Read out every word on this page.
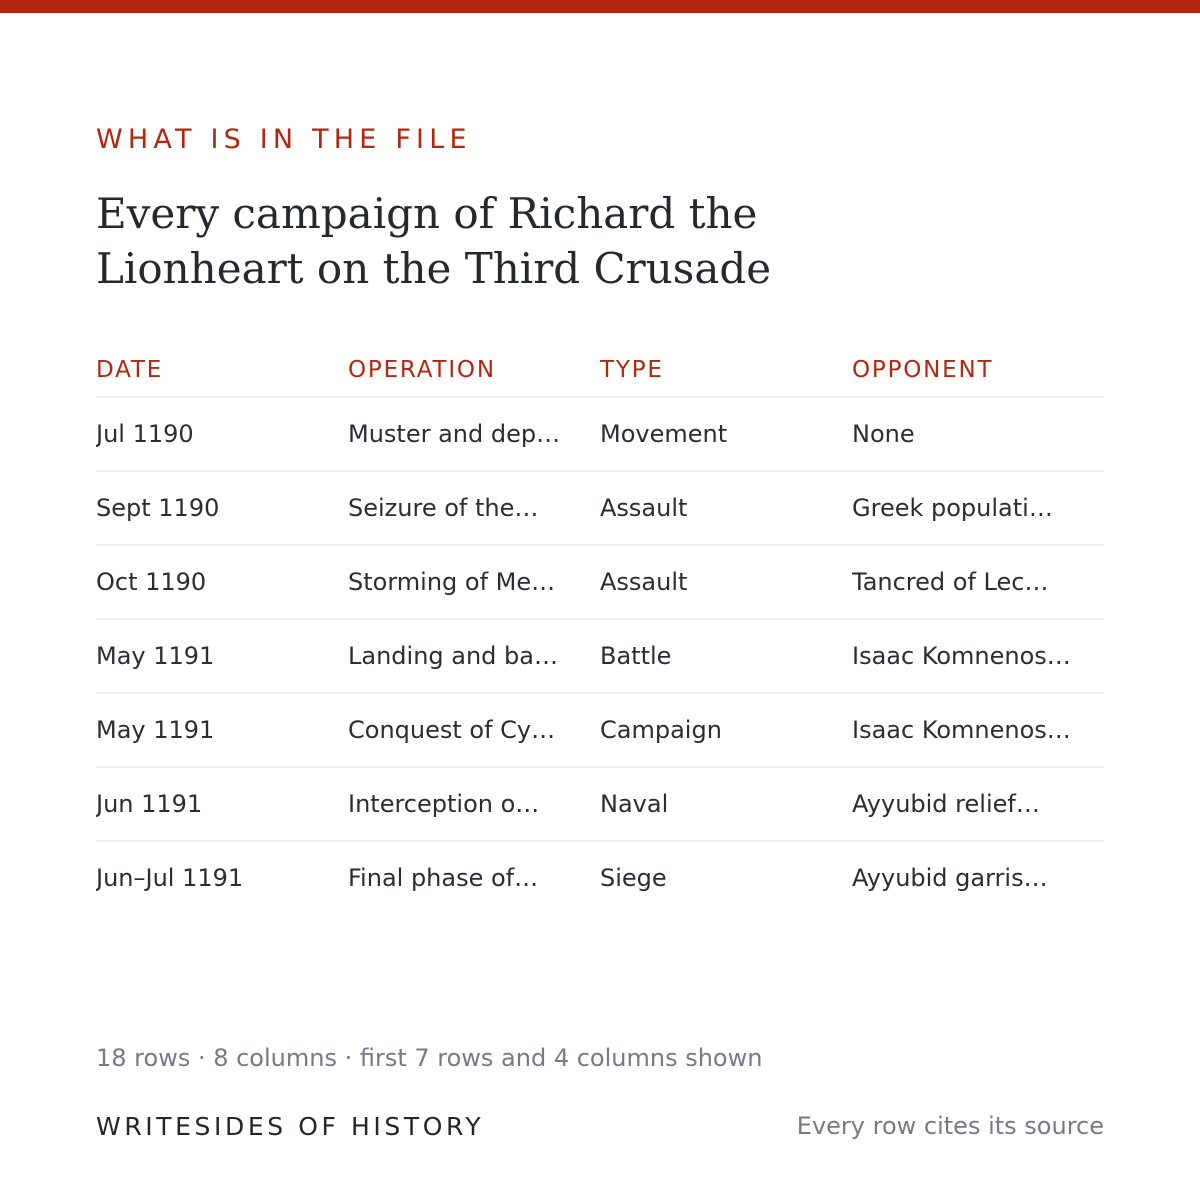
WHAT IS IN THE FILE
Every campaign of Richard the Lionheart on the Third Crusade
DATE	OPERATION	TYPE	OPPONENT
Jul 1190	Muster and dep…	Movement	None
Sept 1190	Seizure of the…	Assault	Greek populati…
Oct 1190	Storming of Me…	Assault	Tancred of Lec…
May 1191	Landing and ba…	Battle	Isaac Komnenos…
May 1191	Conquest of Cy…	Campaign	Isaac Komnenos…
Jun 1191	Interception o…	Naval	Ayyubid relief…
Jun–Jul 1191	Final phase of…	Siege	Ayyubid garris…
18 rows · 8 columns · first 7 rows and 4 columns shown
WRITESIDES OF HISTORY	Every row cites its source
